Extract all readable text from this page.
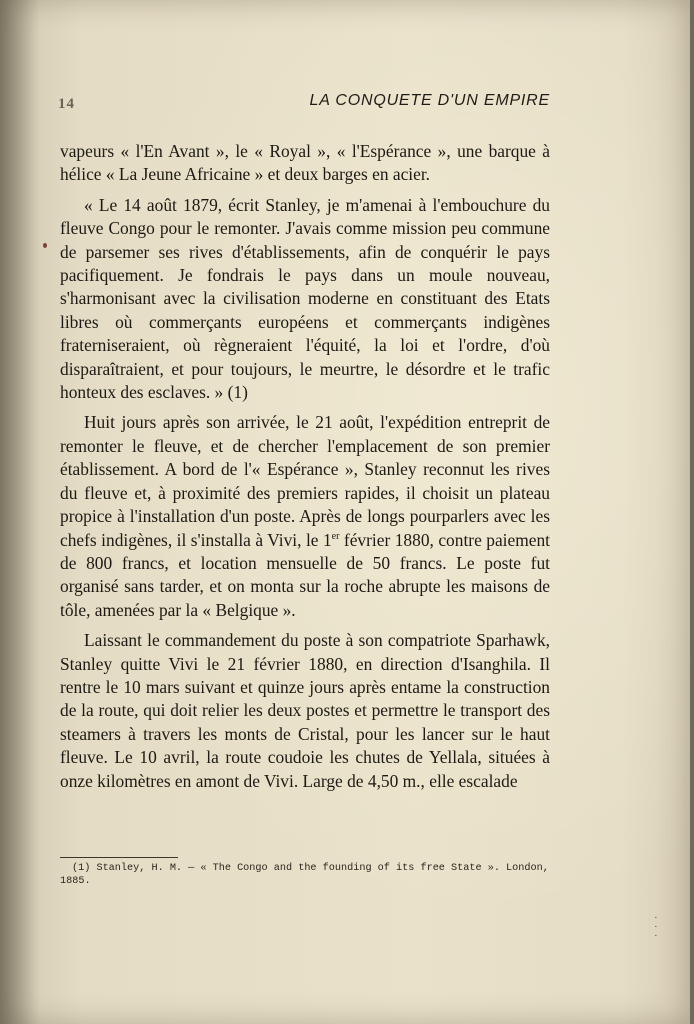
14	LA CONQUETE D'UN EMPIRE

vapeurs « l'En Avant », le « Royal », « l'Espérance », une barque à hélice « La Jeune Africaine » et deux barges en acier.

« Le 14 août 1879, écrit Stanley, je m'amenai à l'embouchure du fleuve Congo pour le remonter. J'avais comme mission peu commune de parsemer ses rives d'établissements, afin de conquérir le pays pacifiquement. Je fondrais le pays dans un moule nouveau, s'harmonisant avec la civilisation moderne en constituant des Etats libres où commerçants européens et commerçants indigènes fraterniseraient, où règneraient l'équité, la loi et l'ordre, d'où disparaîtraient, et pour toujours, le meurtre, le désordre et le trafic honteux des esclaves. » (1)

Huit jours après son arrivée, le 21 août, l'expédition entreprit de remonter le fleuve, et de chercher l'emplacement de son premier établissement. A bord de l'« Espérance », Stanley reconnut les rives du fleuve et, à proximité des premiers rapides, il choisit un plateau propice à l'installation d'un poste. Après de longs pourparlers avec les chefs indigènes, il s'installa à Vivi, le 1er février 1880, contre paiement de 800 francs, et location mensuelle de 50 francs. Le poste fut organisé sans tarder, et on monta sur la roche abrupte les maisons de tôle, amenées par la « Belgique ».

Laissant le commandement du poste à son compatriote Sparhawk, Stanley quitte Vivi le 21 février 1880, en direction d'Isanghila. Il rentre le 10 mars suivant et quinze jours après entame la construction de la route, qui doit relier les deux postes et permettre le transport des steamers à travers les monts de Cristal, pour les lancer sur le haut fleuve. Le 10 avril, la route coudoie les chutes de Yellala, situées à onze kilomètres en amont de Vivi. Large de 4,50 m., elle escalade

(1) Stanley, H. M. — « The Congo and the founding of its free State ». London, 1885.
·
·
·
